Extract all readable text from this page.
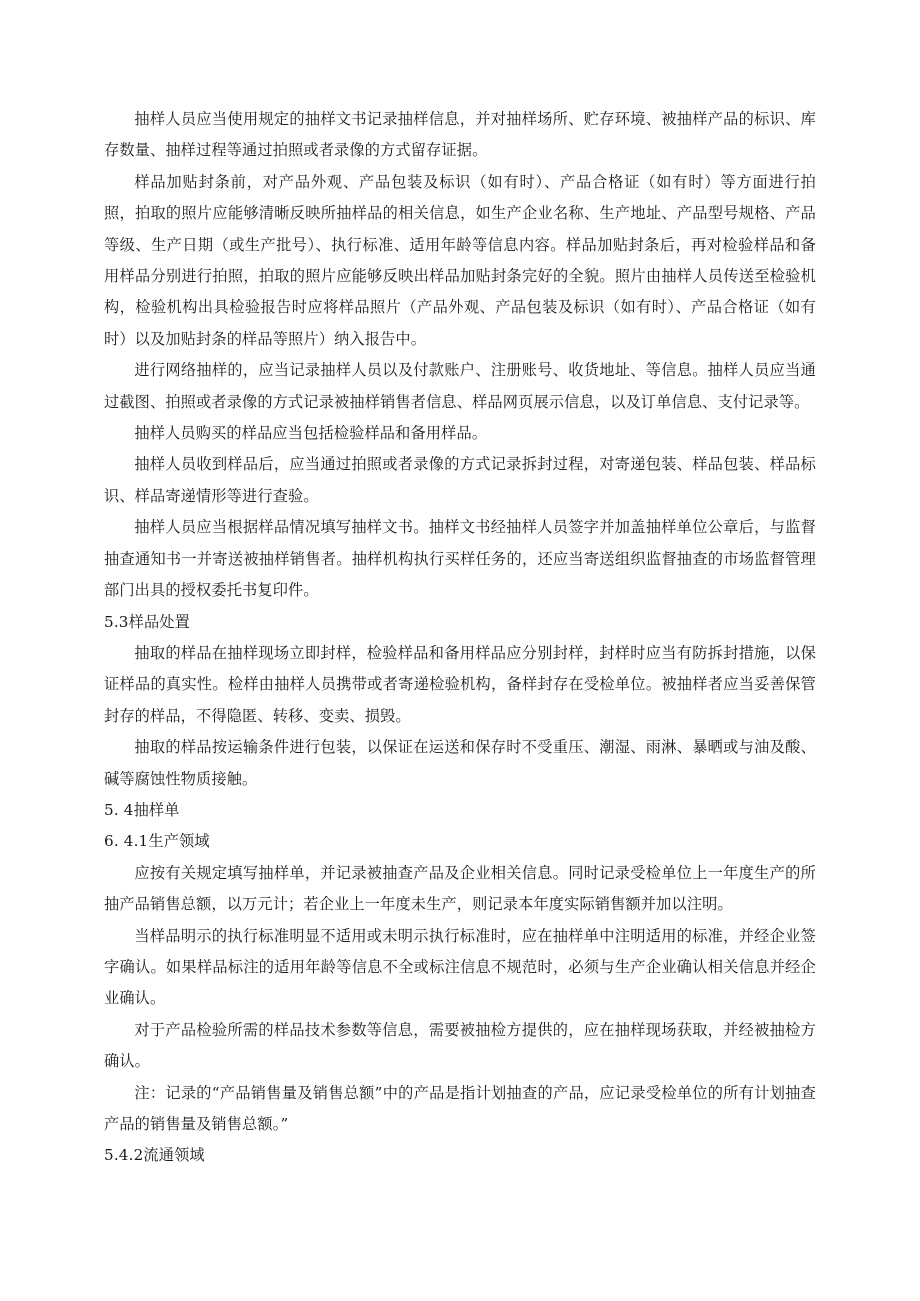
抽样人员应当使用规定的抽样文书记录抽样信息，并对抽样场所、贮存环境、被抽样产品的标识、库存数量、抽样过程等通过拍照或者录像的方式留存证据。

样品加贴封条前，对产品外观、产品包装及标识（如有时）、产品合格证（如有时）等方面进行拍照，拍取的照片应能够清晰反映所抽样品的相关信息，如生产企业名称、生产地址、产品型号规格、产品等级、生产日期（或生产批号）、执行标准、适用年龄等信息内容。样品加贴封条后，再对检验样品和备用样品分别进行拍照，拍取的照片应能够反映出样品加贴封条完好的全貌。照片由抽样人员传送至检验机构，检验机构出具检验报告时应将样品照片（产品外观、产品包装及标识（如有时）、产品合格证（如有时）以及加贴封条的样品等照片）纳入报告中。

进行网络抽样的，应当记录抽样人员以及付款账户、注册账号、收货地址、等信息。抽样人员应当通过截图、拍照或者录像的方式记录被抽样销售者信息、样品网页展示信息，以及订单信息、支付记录等。

抽样人员购买的样品应当包括检验样品和备用样品。

抽样人员收到样品后，应当通过拍照或者录像的方式记录拆封过程，对寄递包装、样品包装、样品标识、样品寄递情形等进行查验。

抽样人员应当根据样品情况填写抽样文书。抽样文书经抽样人员签字并加盖抽样单位公章后，与监督抽查通知书一并寄送被抽样销售者。抽样机构执行买样任务的，还应当寄送组织监督抽查的市场监督管理部门出具的授权委托书复印件。

5.3样品处置

抽取的样品在抽样现场立即封样，检验样品和备用样品应分别封样，封样时应当有防拆封措施，以保证样品的真实性。检样由抽样人员携带或者寄递检验机构，备样封存在受检单位。被抽样者应当妥善保管封存的样品，不得隐匿、转移、变卖、损毁。

抽取的样品按运输条件进行包装，以保证在运送和保存时不受重压、潮湿、雨淋、暴晒或与油及酸、碱等腐蚀性物质接触。

5. 4抽样单

6. 4.1生产领域

应按有关规定填写抽样单，并记录被抽查产品及企业相关信息。同时记录受检单位上一年度生产的所抽产品销售总额，以万元计；若企业上一年度未生产，则记录本年度实际销售额并加以注明。

当样品明示的执行标准明显不适用或未明示执行标准时，应在抽样单中注明适用的标准，并经企业签字确认。如果样品标注的适用年龄等信息不全或标注信息不规范时，必须与生产企业确认相关信息并经企业确认。

对于产品检验所需的样品技术参数等信息，需要被抽检方提供的，应在抽样现场获取，并经被抽检方确认。

注：记录的“产品销售量及销售总额”中的产品是指计划抽查的产品，应记录受检单位的所有计划抽查产品的销售量及销售总额。”

5.4.2流通领域
